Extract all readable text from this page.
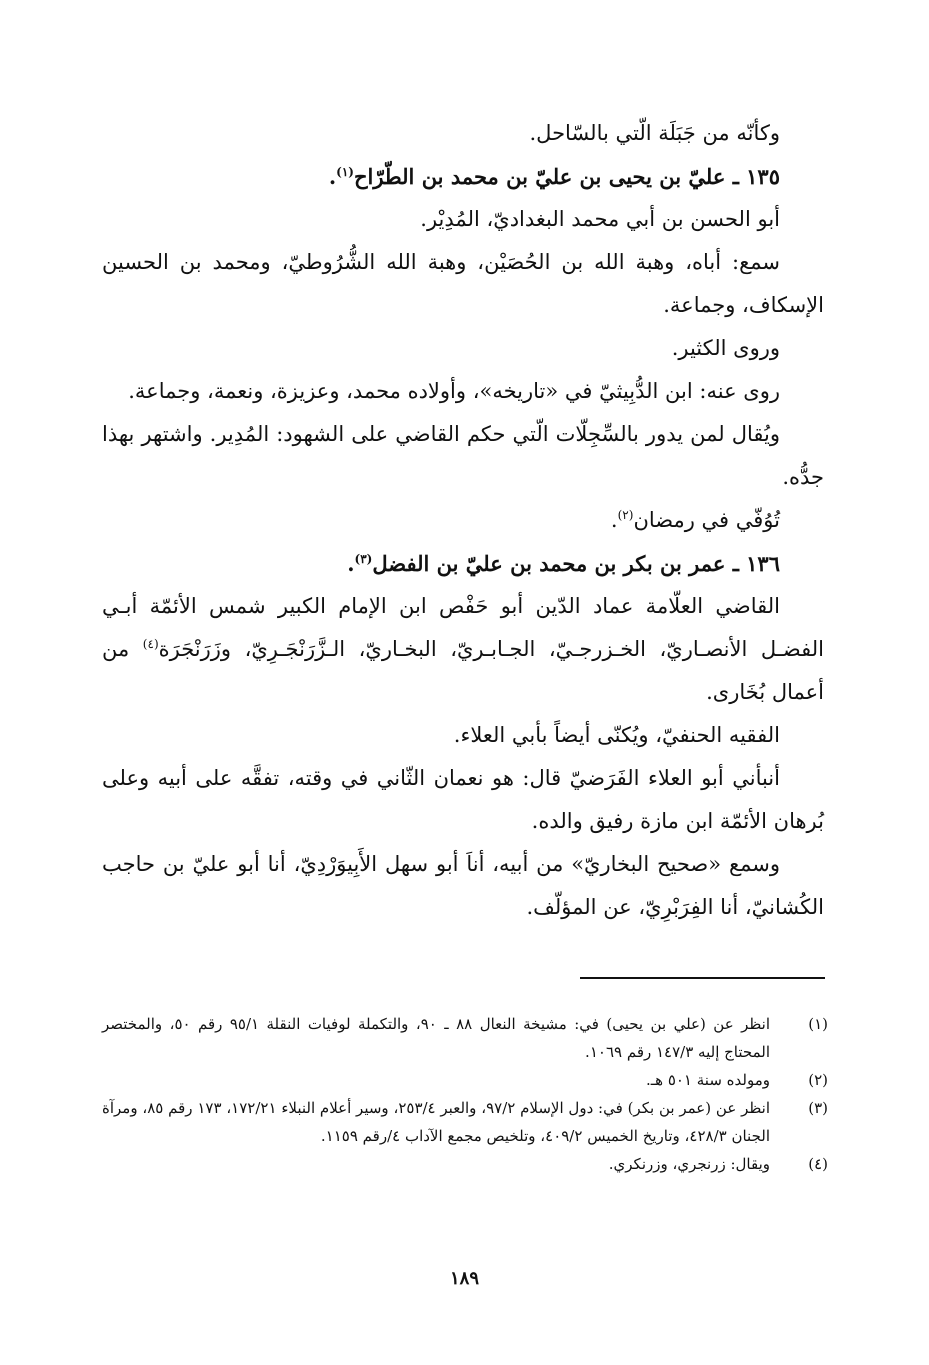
وكأنّه من جَبَلَة الّتي بالسّاحل.

١٣٥ ـ عليّ بن يحيى بن عليّ بن محمد بن الطّرّاح$^{(١)}$.

أبو الحسن بن أبي محمد البغداديّ، المُدِيْر.

سمع: أباه، وهبة الله بن الحُصَيْن، وهبة الله الشُّرُوطيّ، ومحمد بن الحسين الإسكاف، وجماعة.

وروى الكثير.

روى عنه: ابن الدُّبِيثيّ في «تاريخه»، وأولاده محمد، وعزيزة، ونعمة، وجماعة.

ويُقال لمن يدور بالسِّجِلّات الّتي حكم القاضي على الشهود: المُدِير. واشتهر بهذا جدُّه.

تُوُفّي في رمضان$^{(٢)}$.

١٣٦ ـ عمر بن بكر بن محمد بن عليّ بن الفضل$^{(٣)}$.

القاضي العلّامة عماد الدّين أبو حَفْص ابن الإمام الكبير شمس الأئمّة أبـي الفضـل الأنصـاريّ، الخـزرجـيّ، الجـابـريّ، البخـاريّ، الـزَّرَنْجَـرِيّ، وزَرَنْجَرَة$^{(٤)}$ من أعمال بُخَارى.

الفقيه الحنفيّ، ويُكنّى أيضاً بأبي العلاء.

أنبأني أبو العلاء الفَرَضيّ قال: هو نعمان الثّاني في وقته، تفقَّه على أبيه وعلى بُرهان الأئمّة ابن مازة رفيق والده.

وسمع «صحيح البخاريّ» من أبيه، أناَ أبو سهل الأَبِيوَرْدِيّ، أنا أبو عليّ بن حاجب الكُشانيّ، أنا الفِرَبْرِيّ، عن المؤلّف.

(١)
انظر عن (علي بن يحيى) في: مشيخة النعال ٨٨ ـ ٩٠، والتكملة لوفيات النقلة ٩٥/١ رقم ٥٠، والمختصر المحتاج إليه ١٤٧/٣ رقم ١٠٦٩.
(٢)
ومولده سنة ٥٠١ هـ.
(٣)
انظر عن (عمر بن بكر) في: دول الإسلام ٩٧/٢، والعبر ٢٥٣/٤، وسير أعلام النبلاء ١٧٢/٢١، ١٧٣ رقم ٨٥، ومرآة الجنان ٤٢٨/٣، وتاريخ الخميس ٤٠٩/٢، وتلخيص مجمع الآداب ٤/رقم ١١٥٩.
(٤)
ويقال: زرنجري، وزرنكري.
١٨٩
